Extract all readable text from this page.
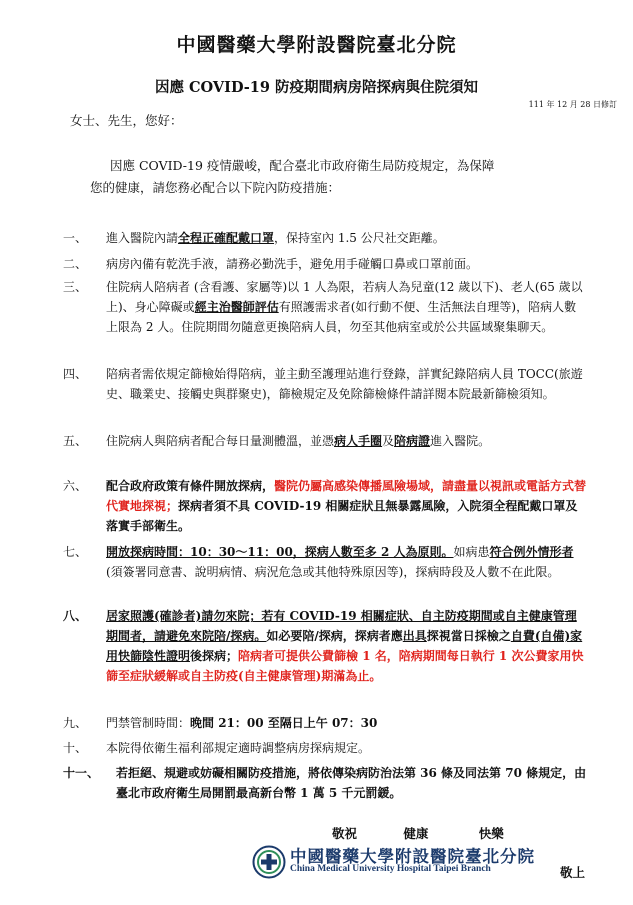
中國醫藥大學附設醫院臺北分院
因應 COVID-19 防疫期間病房陪探病與住院須知
111 年 12 月 28 日修訂
女士、先生，您好：
因應 COVID-19 疫情嚴峻，配合臺北市政府衛生局防疫規定，為保障
您的健康，請您務必配合以下院內防疫措施：
一、	進入醫院內請全程正確配戴口罩，保持室內 1.5 公尺社交距離。
二、	病房內備有乾洗手液，請務必勤洗手，避免用手碰觸口鼻或口罩前面。
三、	住院病人陪病者 (含看護、家屬等)以 1 人為限，若病人為兒童(12 歲以下)、老人(65 歲以上)、身心障礙或經主治醫師評估有照護需求者(如行動不便、生活無法自理等)，陪病人數上限為 2 人。住院期間勿隨意更換陪病人員，勿至其他病室或於公共區域聚集聊天。
四、	陪病者需依規定篩檢始得陪病，並主動至護理站進行登錄，詳實紀錄陪病人員 TOCC(旅遊史、職業史、接觸史與群聚史)，篩檢規定及免除篩檢條件請詳閱本院最新篩檢須知。
五、	住院病人與陪病者配合每日量測體溫，並憑病人手圈及陪病證進入醫院。
六、	配合政府政策有條件開放探病，醫院仍屬高感染傳播風險場域，請盡量以視訊或電話方式替代實地探視；探病者須不具 COVID-19 相關症狀且無暴露風險，入院須全程配戴口罩及落實手部衛生。
七、	開放探病時間：10：30～11：00，探病人數至多 2 人為原則。如病患符合例外情形者(須簽署同意書、說明病情、病況危急或其他特殊原因等)，探病時段及人數不在此限。
八、	居家照護(確診者)請勿來院；若有 COVID-19 相關症狀、自主防疫期間或自主健康管理期間者，請避免來院陪/探病。如必要陪/探病，探病者應出具探視當日採檢之自費(自備)家用快篩陰性證明後探病；陪病者可提供公費篩檢 1 名，陪病期間每日執行 1 次公費家用快篩至症狀緩解或自主防疫(自主健康管理)期滿為止。
九、	門禁管制時間：晚間 21：00 至隔日上午 07：30
十、	本院得依衛生福利部規定適時調整病房探病規定。
十一、 若拒絕、規避或妨礙相關防疫措施，將依傳染病防治法第 36 條及同法第 70 條規定，由臺北市政府衛生局開罰最高新台幣 1 萬 5 千元罰鍰。
敬祝	健康	快樂
中國醫藥大學附設醫院臺北分院
China Medical University Hospital Taipei Branch	敬上
